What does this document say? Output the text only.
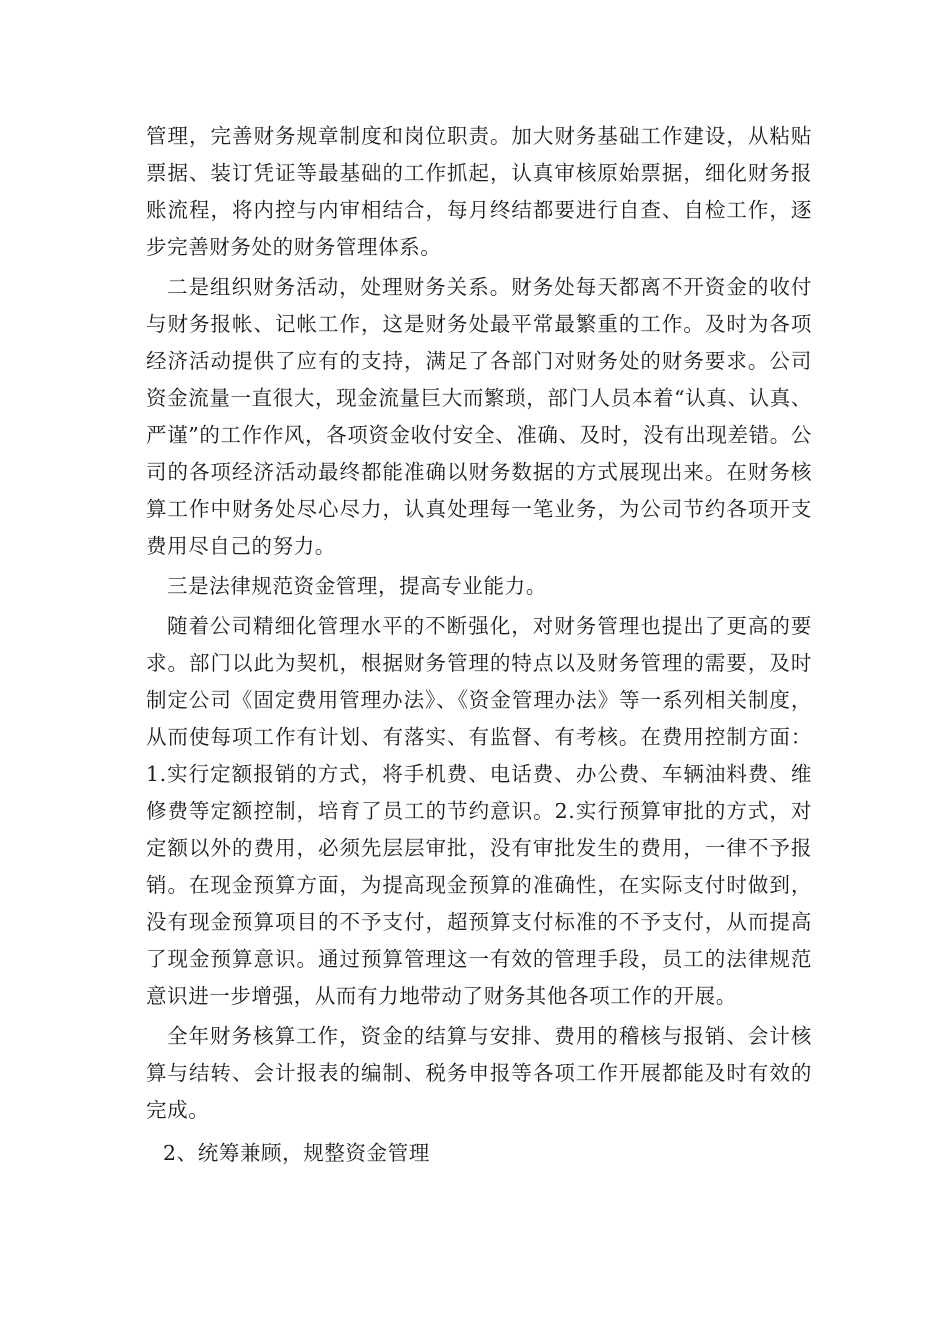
管理，完善财务规章制度和岗位职责。加大财务基础工作建设，从粘贴票据、装订凭证等最基础的工作抓起，认真审核原始票据，细化财务报账流程，将内控与内审相结合，每月终结都要进行自查、自检工作，逐步完善财务处的财务管理体系。

二是组织财务活动，处理财务关系。财务处每天都离不开资金的收付与财务报帐、记帐工作，这是财务处最平常最繁重的工作。及时为各项经济活动提供了应有的支持，满足了各部门对财务处的财务要求。公司资金流量一直很大，现金流量巨大而繁琐，部门人员本着“认真、认真、严谨”的工作作风，各项资金收付安全、准确、及时，没有出现差错。公司的各项经济活动最终都能准确以财务数据的方式展现出来。在财务核算工作中财务处尽心尽力，认真处理每一笔业务，为公司节约各项开支费用尽自己的努力。

三是法律规范资金管理，提高专业能力。

随着公司精细化管理水平的不断强化，对财务管理也提出了更高的要求。部门以此为契机，根据财务管理的特点以及财务管理的需要，及时制定公司《固定费用管理办法》、《资金管理办法》等一系列相关制度，从而使每项工作有计划、有落实、有监督、有考核。在费用控制方面：1.实行定额报销的方式，将手机费、电话费、办公费、车辆油料费、维修费等定额控制，培育了员工的节约意识。2.实行预算审批的方式，对定额以外的费用，必须先层层审批，没有审批发生的费用，一律不予报销。在现金预算方面，为提高现金预算的准确性，在实际支付时做到，没有现金预算项目的不予支付，超预算支付标准的不予支付，从而提高了现金预算意识。通过预算管理这一有效的管理手段，员工的法律规范意识进一步增强，从而有力地带动了财务其他各项工作的开展。

全年财务核算工作，资金的结算与安排、费用的稽核与报销、会计核算与结转、会计报表的编制、税务申报等各项工作开展都能及时有效的完成。

2、统筹兼顾，规整资金管理
